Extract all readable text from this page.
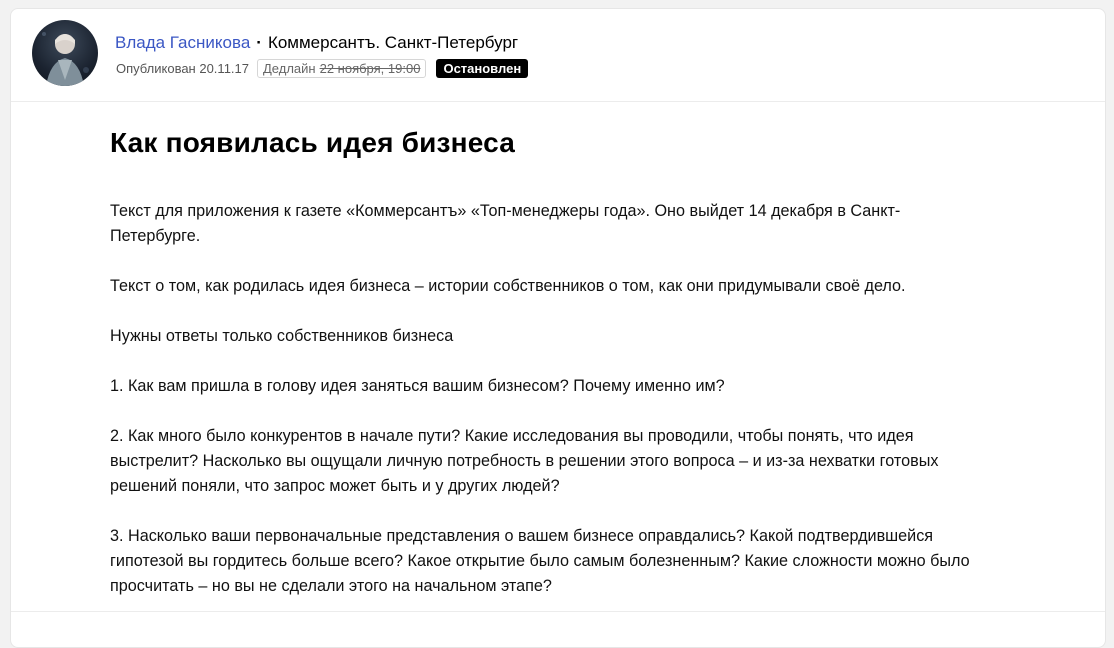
Влада Гасникова · Коммерсантъ. Санкт-Петербург
Опубликован 20.11.17	Дедлайн 22 ноября, 19:00	Остановлен
Как появилась идея бизнеса

Текст для приложения к газете «Коммерсантъ» «Топ-менеджеры года». Оно выйдет 14 декабря в Санкт-Петербурге.

Текст о том, как родилась идея бизнеса – истории собственников о том, как они придумывали своё дело.

Нужны ответы только собственников бизнеса

1. Как вам пришла в голову идея заняться вашим бизнесом? Почему именно им?

2. Как много было конкурентов в начале пути? Какие исследования вы проводили, чтобы понять, что идея выстрелит? Насколько вы ощущали личную потребность в решении этого вопроса – и из-за нехватки готовых решений поняли, что запрос может быть и у других людей?

3. Насколько ваши первоначальные представления о вашем бизнесе оправдались? Какой подтвердившейся гипотезой вы гордитесь больше всего? Какое открытие было самым болезненным? Какие сложности можно было просчитать – но вы не сделали этого на начальном этапе?
